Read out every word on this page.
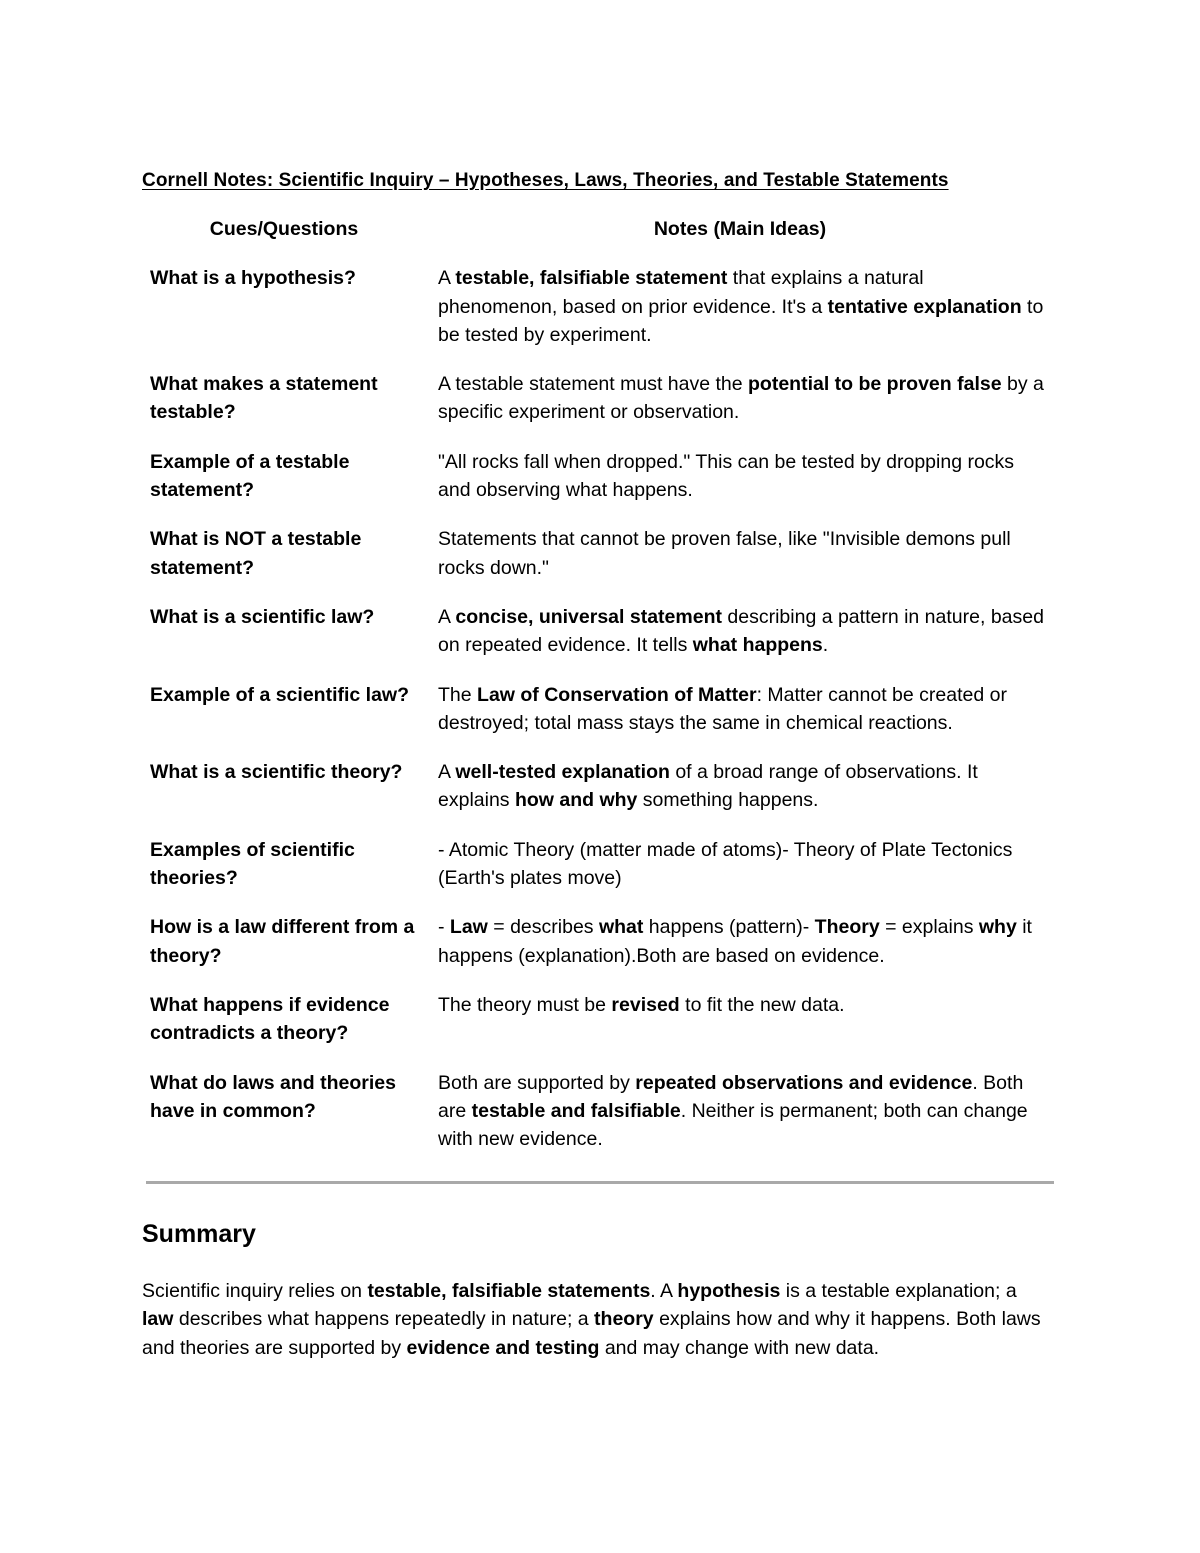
Cornell Notes: Scientific Inquiry – Hypotheses, Laws, Theories, and Testable Statements
Cues/Questions	Notes (Main Ideas)
What is a hypothesis?	A testable, falsifiable statement that explains a natural phenomenon, based on prior evidence. It's a tentative explanation to be tested by experiment.
What makes a statement testable?	A testable statement must have the potential to be proven false by a specific experiment or observation.
Example of a testable statement?	"All rocks fall when dropped." This can be tested by dropping rocks and observing what happens.
What is NOT a testable statement?	Statements that cannot be proven false, like "Invisible demons pull rocks down."
What is a scientific law?	A concise, universal statement describing a pattern in nature, based on repeated evidence. It tells what happens.
Example of a scientific law?	The Law of Conservation of Matter: Matter cannot be created or destroyed; total mass stays the same in chemical reactions.
What is a scientific theory?	A well-tested explanation of a broad range of observations. It explains how and why something happens.
Examples of scientific theories?	- Atomic Theory (matter made of atoms)- Theory of Plate Tectonics (Earth's plates move)
How is a law different from a theory?	- Law = describes what happens (pattern)- Theory = explains why it happens (explanation).Both are based on evidence.
What happens if evidence contradicts a theory?	The theory must be revised to fit the new data.
What do laws and theories have in common?	Both are supported by repeated observations and evidence. Both are testable and falsifiable. Neither is permanent; both can change with new evidence.
Summary
Scientific inquiry relies on testable, falsifiable statements. A hypothesis is a testable explanation; a law describes what happens repeatedly in nature; a theory explains how and why it happens. Both laws and theories are supported by evidence and testing and may change with new data.
